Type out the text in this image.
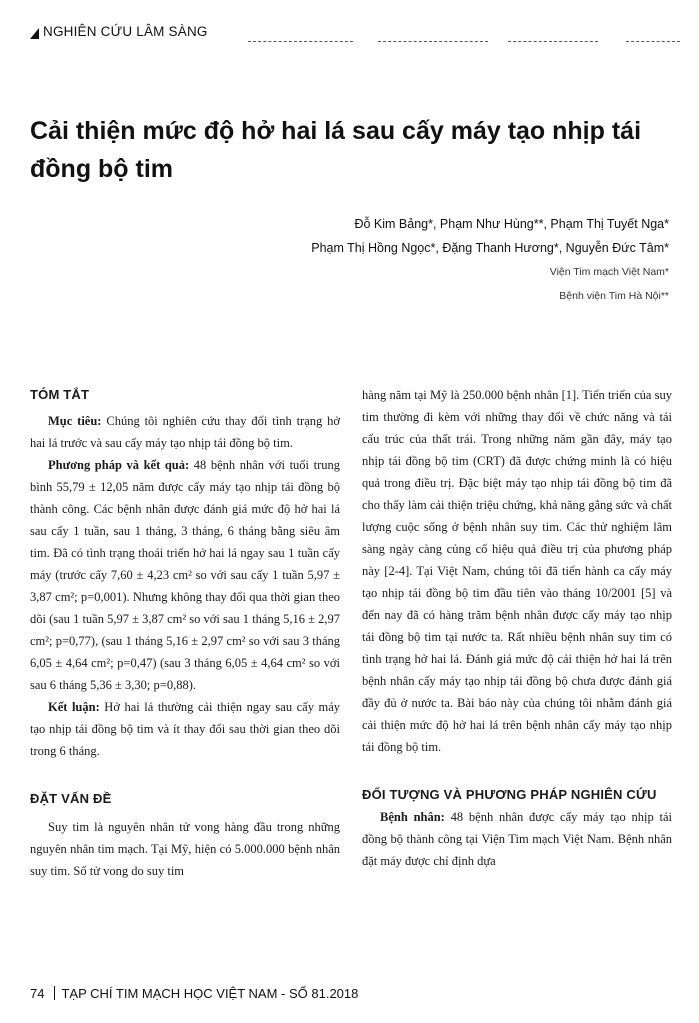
NGHIÊN CỨU LÂM SÀNG
Cải thiện mức độ hở hai lá sau cấy máy tạo nhịp tái đồng bộ tim
Đỗ Kim Bảng*, Phạm Như Hùng**, Phạm Thị Tuyết Nga*
Phạm Thị Hồng Ngọc*, Đặng Thanh Hương*, Nguyễn Đức Tâm*
Viện Tim mạch Việt Nam*
Bệnh viện Tim Hà Nội**
TÓM TẮT

Mục tiêu: Chúng tôi nghiên cứu thay đổi tình trạng hở hai lá trước và sau cấy máy tạo nhịp tái đồng bộ tim.

Phương pháp và kết quả: 48 bệnh nhân với tuổi trung bình 55,79 ± 12,05 năm được cấy máy tạo nhịp tái đồng bộ thành công. Các bệnh nhân được đánh giá mức độ hở hai lá sau cấy 1 tuần, sau 1 tháng, 3 tháng, 6 tháng bằng siêu âm tim. Đã có tình trạng thoái triển hở hai lá ngay sau 1 tuần cấy máy (trước cấy 7,60 ± 4,23 cm² so với sau cấy 1 tuần 5,97 ± 3,87 cm²; p=0,001). Nhưng không thay đổi qua thời gian theo dõi (sau 1 tuần 5,97 ± 3,87 cm² so với sau 1 tháng 5,16 ± 2,97 cm²; p=0,77), (sau 1 tháng 5,16 ± 2,97 cm² so với sau 3 tháng 6,05 ± 4,64 cm²; p=0,47) (sau 3 tháng 6,05 ± 4,64 cm² so với sau 6 tháng 5,36 ± 3,30; p=0,88).

Kết luận: Hở hai lá thường cải thiện ngay sau cấy máy tạo nhịp tái đồng bộ tim và ít thay đổi sau thời gian theo dõi trong 6 tháng.

ĐẶT VẤN ĐỀ

Suy tim là nguyên nhân tử vong hàng đầu trong những nguyên nhân tim mạch. Tại Mỹ, hiện có 5.000.000 bệnh nhân suy tim. Số tử vong do suy tim

hàng năm tại Mỹ là 250.000 bệnh nhân [1]. Tiến triển của suy tim thường đi kèm với những thay đổi về chức năng và tái cấu trúc của thất trái. Trong những năm gần đây, máy tạo nhịp tái đồng bộ tim (CRT) đã được chứng minh là có hiệu quả trong điều trị. Đặc biệt máy tạo nhịp tái đồng bộ tim đã cho thấy làm cải thiện triệu chứng, khả năng gắng sức và chất lượng cuộc sống ở bệnh nhân suy tim. Các thử nghiệm lâm sàng ngày càng củng cố hiệu quả điều trị của phương pháp này [2-4]. Tại Việt Nam, chúng tôi đã tiến hành ca cấy máy tạo nhịp tái đồng bộ tim đầu tiên vào tháng 10/2001 [5] và đến nay đã có hàng trăm bệnh nhân được cấy máy tạo nhịp tái đồng bộ tim tại nước ta. Rất nhiều bệnh nhân suy tim có tình trạng hở hai lá. Đánh giá mức độ cải thiện hở hai lá trên bệnh nhân cấy máy tạo nhịp tái đồng bộ chưa được đánh giá đầy đủ ở nước ta. Bài báo này của chúng tôi nhằm đánh giá cải thiện mức độ hở hai lá trên bệnh nhân cấy máy tạo nhịp tái đồng bộ tim.

ĐỐI TƯỢNG VÀ PHƯƠNG PHÁP NGHIÊN CỨU

Bệnh nhân: 48 bệnh nhân được cấy máy tạo nhịp tái đồng bộ thành công tại Viện Tim mạch Việt Nam. Bệnh nhân đặt máy được chỉ định dựa

74 TẠP CHÍ TIM MẠCH HỌC VIỆT NAM - SỐ 81.2018
